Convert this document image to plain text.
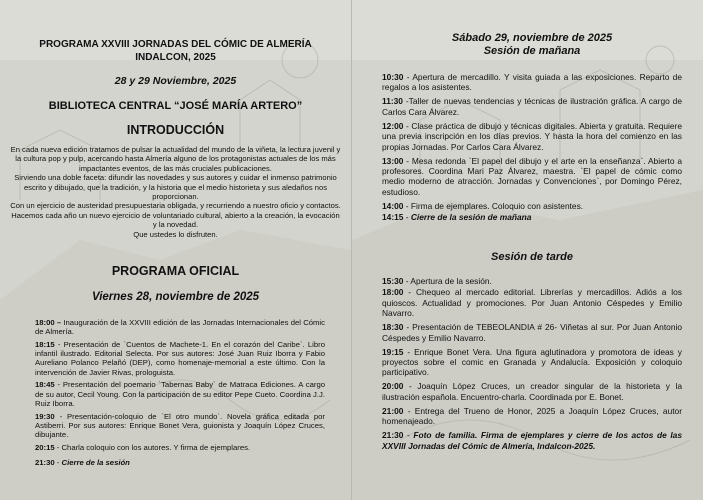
PROGRAMA XXVIII JORNADAS DEL CÓMIC DE ALMERÍA
INDALCON, 2025
28 y 29 Noviembre, 2025
BIBLIOTECA CENTRAL “JOSÉ MARÍA ARTERO”
INTRODUCCIÓN
En cada nueva edición tratamos de pulsar la actualidad del mundo de la viñeta, la lectura juvenil y la cultura pop y pulp, acercando hasta Almería alguno de los protagonistas actuales de los más impactantes eventos, de las más cruciales publicaciones.
Sirviendo una doble faceta: difundir las novedades y sus autores y cuidar el inmenso patrimonio escrito y dibujado, que la tradición, y la historia que el medio historieta y sus aledaños nos proporcionan.
Con un ejercicio de austeridad presupuestaria obligada, y recurriendo a nuestro oficio y contactos. Hacemos cada año un nuevo ejercicio de voluntariado cultural, abierto a la creación, la evocación y la novedad.
Que ustedes lo disfruten.
PROGRAMA OFICIAL
Viernes 28, noviembre de 2025

18:00 – Inauguración de la XXVIII edición de las Jornadas Internacionales del Cómic de Almería.

18:15 - Presentación de `Cuentos de Machete-1. En el corazón del Caribe`. Libro infantil ilustrado. Editorial Selecta. Por sus autores: José Juan Ruiz Iborra y Fabio Aureliano Polanco Pelañó (DEP), como homenaje-memorial a este último. Con la intervención de Javier Rivas, prologuista.

18:45 - Presentación del poemario `Tabernas Baby` de Matraca Ediciones. A cargo de su autor, Cecil Young. Con la participación de su editor Pepe Cueto. Coordina J.J. Ruiz Iborra.

19:30 - Presentación-coloquio de `El otro mundo`. Novela gráfica editada por Astiberri. Por sus autores: Enrique Bonet Vera, guionista y Joaquín López Cruces, dibujante.

20:15 - Charla coloquio con los autores. Y firma de ejemplares.

21:30 - Cierre de la sesión

Sábado 29, noviembre de 2025
Sesión de mañana

10:30 - Apertura de mercadillo. Y visita guiada a las exposiciones. Reparto de regalos a los asistentes.

11:30 -Taller de nuevas tendencias y técnicas de ilustración gráfica. A cargo de Carlos Cara Álvarez.

12:00 - Clase práctica de dibujo y técnicas digitales. Abierta y gratuita. Requiere una previa inscripción en los días previos. Y hasta la hora del comienzo en las propias Jornadas. Por Carlos Cara Álvarez.

13:00 - Mesa redonda `El papel del dibujo y el arte en la enseñanza`. Abierto a profesores. Coordina Mari Paz Álvarez, maestra. `El papel de cómic como medio moderno de atracción. Jornadas y Convenciones`, por Domingo Pérez, estudioso.

14:00 - Firma de ejemplares. Coloquio con asistentes.

14:15 - Cierre de la sesión de mañana

Sesión de tarde

15:30 - Apertura de la sesión.

18:00 - Chequeo al mercado editorial. Librerías y mercadillos. Adiós a los quioscos. Actualidad y promociones. Por Juan Antonio Céspedes y Emilio Navarro.

18:30 - Presentación de TEBEOLANDIA # 26- Viñetas al sur. Por Juan Antonio Céspedes y Emilio Navarro.

19:15 - Enrique Bonet Vera. Una figura aglutinadora y promotora de ideas y proyectos sobre el comic en Granada y Andalucía. Exposición y coloquio participativo.

20:00 - Joaquín López Cruces, un creador singular de la historieta y la ilustración española. Encuentro-charla. Coordinada por E. Bonet.

21:00 - Entrega del Trueno de Honor, 2025 a Joaquín López Cruces, autor homenajeado.

21:30 - Foto de familia. Firma de ejemplares y cierre de los actos de las XXVIII Jornadas del Cómic de Almería, Indalcon-2025.
